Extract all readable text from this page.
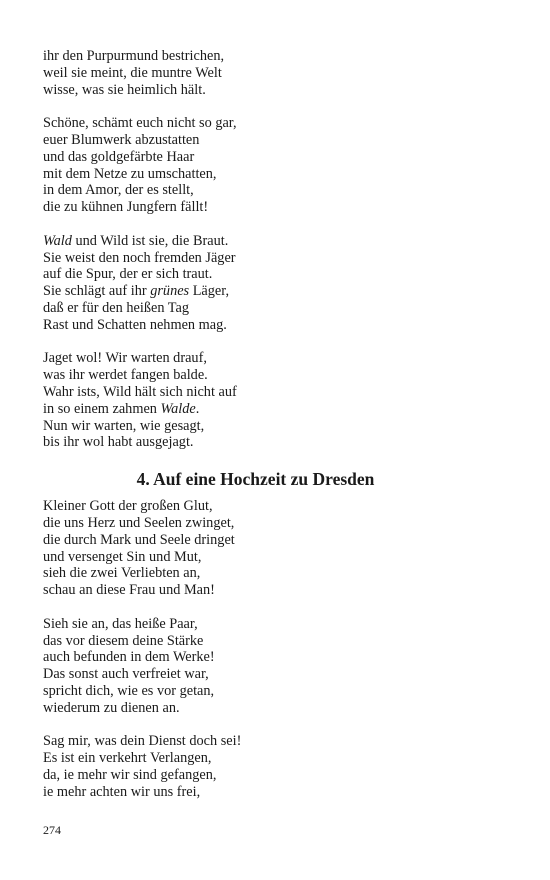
ihr den Purpurmund bestrichen,
weil sie meint, die muntre Welt
wisse, was sie heimlich hält.
Schöne, schämt euch nicht so gar,
euer Blumwerk abzustatten
und das goldgefärbte Haar
mit dem Netze zu umschatten,
in dem Amor, der es stellt,
die zu kühnen Jungfern fällt!
Wald und Wild ist sie, die Braut.
Sie weist den noch fremden Jäger
auf die Spur, der er sich traut.
Sie schlägt auf ihr grünes Läger,
daß er für den heißen Tag
Rast und Schatten nehmen mag.
Jaget wol! Wir warten drauf,
was ihr werdet fangen balde.
Wahr ists, Wild hält sich nicht auf
in so einem zahmen Walde.
Nun wir warten, wie gesagt,
bis ihr wol habt ausgejagt.
4. Auf eine Hochzeit zu Dresden
Kleiner Gott der großen Glut,
die uns Herz und Seelen zwinget,
die durch Mark und Seele dringet
und versenget Sin und Mut,
sieh die zwei Verliebten an,
schau an diese Frau und Man!
Sieh sie an, das heiße Paar,
das vor diesem deine Stärke
auch befunden in dem Werke!
Das sonst auch verfreiet war,
spricht dich, wie es vor getan,
wiederum zu dienen an.
Sag mir, was dein Dienst doch sei!
Es ist ein verkehrt Verlangen,
da, ie mehr wir sind gefangen,
ie mehr achten wir uns frei,
274
